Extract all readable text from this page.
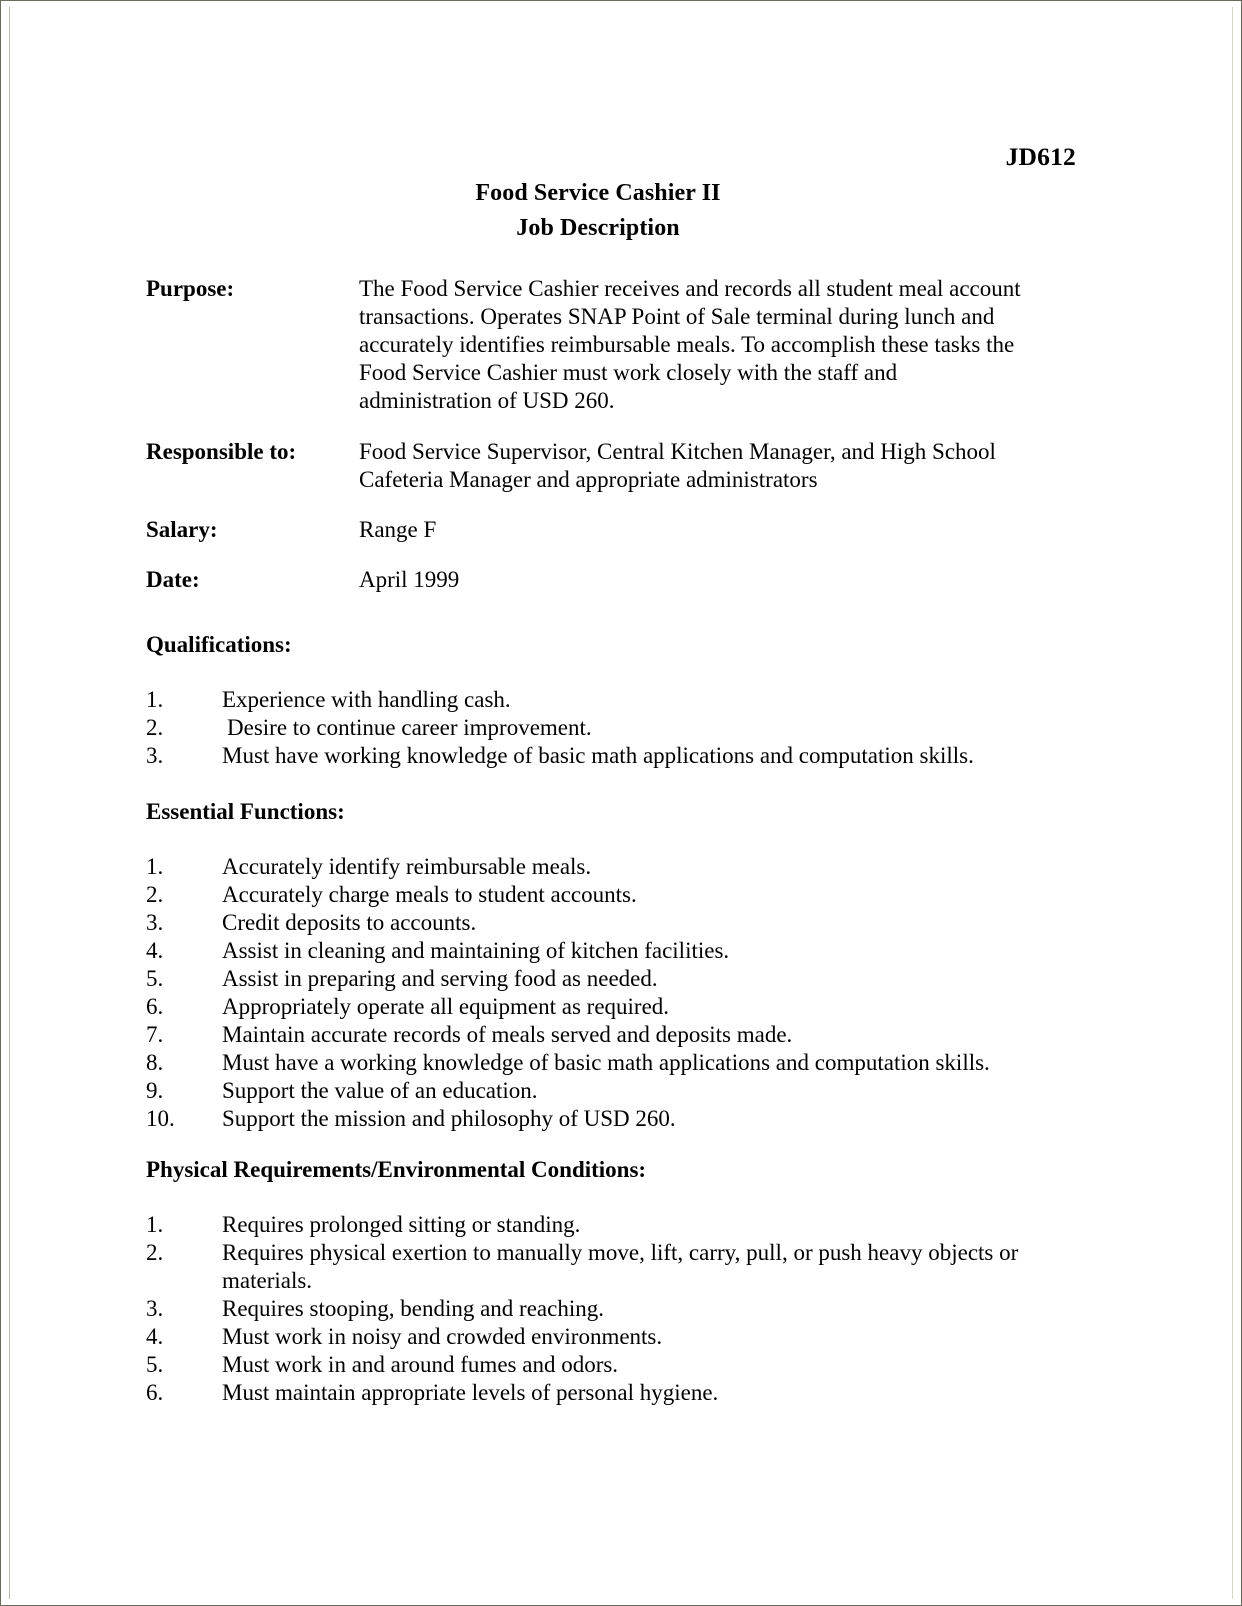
JD612
Food Service Cashier II
Job Description
Purpose:	The Food Service Cashier receives and records all student meal account
transactions. Operates SNAP Point of Sale terminal during lunch and
accurately identifies reimbursable meals. To accomplish these tasks the
Food Service Cashier must work closely with the staff and
administration of USD 260.
Responsible to:	Food Service Supervisor, Central Kitchen Manager, and High School
Cafeteria Manager and appropriate administrators
Salary:	Range F
Date:	April 1999
Qualifications:
1.	Experience with handling cash.
2.	Desire to continue career improvement.
3.	Must have working knowledge of basic math applications and computation skills.
Essential Functions:
1.	Accurately identify reimbursable meals.
2.	Accurately charge meals to student accounts.
3.	Credit deposits to accounts.
4.	Assist in cleaning and maintaining of kitchen facilities.
5.	Assist in preparing and serving food as needed.
6.	Appropriately operate all equipment as required.
7.	Maintain accurate records of meals served and deposits made.
8.	Must have a working knowledge of basic math applications and computation skills.
9.	Support the value of an education.
10.	Support the mission and philosophy of USD 260.
Physical Requirements/Environmental Conditions:
1.	Requires prolonged sitting or standing.
2.	Requires physical exertion to manually move, lift, carry, pull, or push heavy objects or materials.
3.	Requires stooping, bending and reaching.
4.	Must work in noisy and crowded environments.
5.	Must work in and around fumes and odors.
6.	Must maintain appropriate levels of personal hygiene.
